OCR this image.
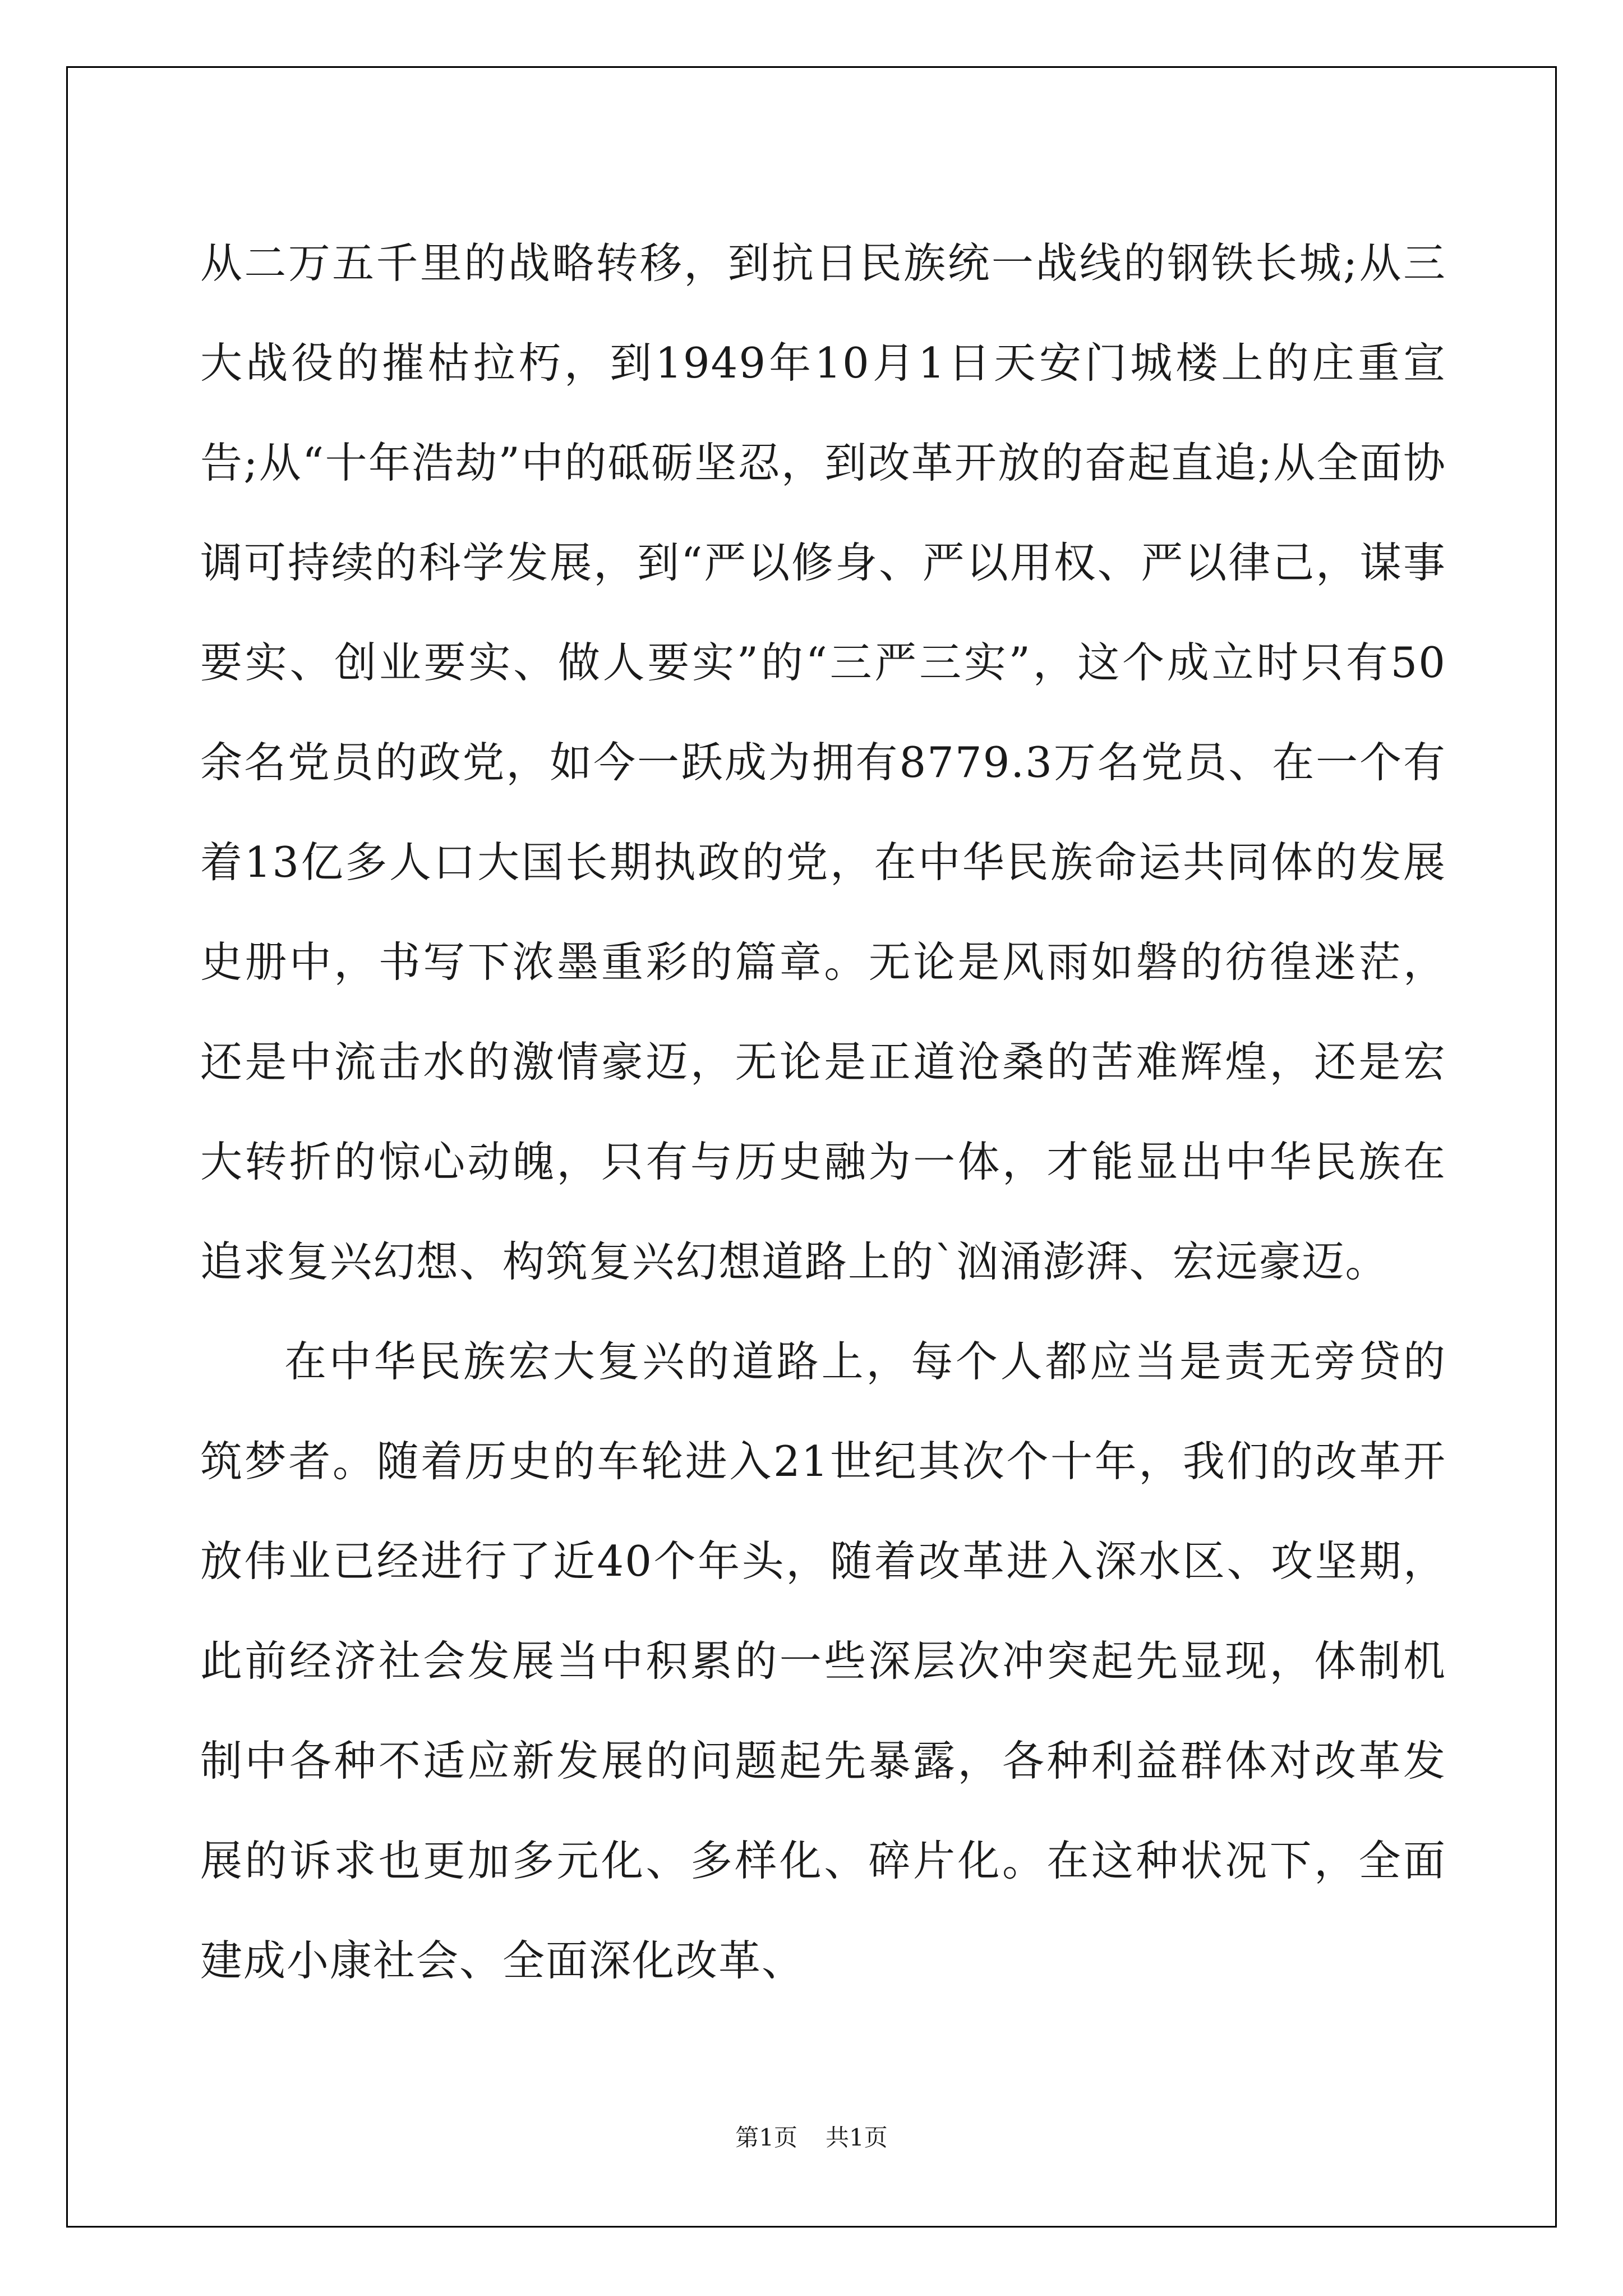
从二万五千里的战略转移，到抗日民族统一战线的钢铁长城;从三大战役的摧枯拉朽，到1949年10月1日天安门城楼上的庄重宣告;从“十年浩劫”中的砥砺坚忍，到改革开放的奋起直追;从全面协调可持续的科学发展，到“严以修身、严以用权、严以律己，谋事要实、创业要实、做人要实”的“三严三实”，这个成立时只有50余名党员的政党，如今一跃成为拥有8779.3万名党员、在一个有着13亿多人口大国长期执政的党，在中华民族命运共同体的发展史册中，书写下浓墨重彩的篇章。无论是风雨如磐的彷徨迷茫，还是中流击水的激情豪迈，无论是正道沧桑的苦难辉煌，还是宏大转折的惊心动魄，只有与历史融为一体，才能显出中华民族在追求复兴幻想、构筑复兴幻想道路上的`汹涌澎湃、宏远豪迈。

在中华民族宏大复兴的道路上，每个人都应当是责无旁贷的筑梦者。随着历史的车轮进入21世纪其次个十年，我们的改革开放伟业已经进行了近40个年头，随着改革进入深水区、攻坚期，此前经济社会发展当中积累的一些深层次冲突起先显现，体制机制中各种不适应新发展的问题起先暴露，各种利益群体对改革发展的诉求也更加多元化、多样化、碎片化。在这种状况下，全面建成小康社会、全面深化改革、

第1页 共1页
